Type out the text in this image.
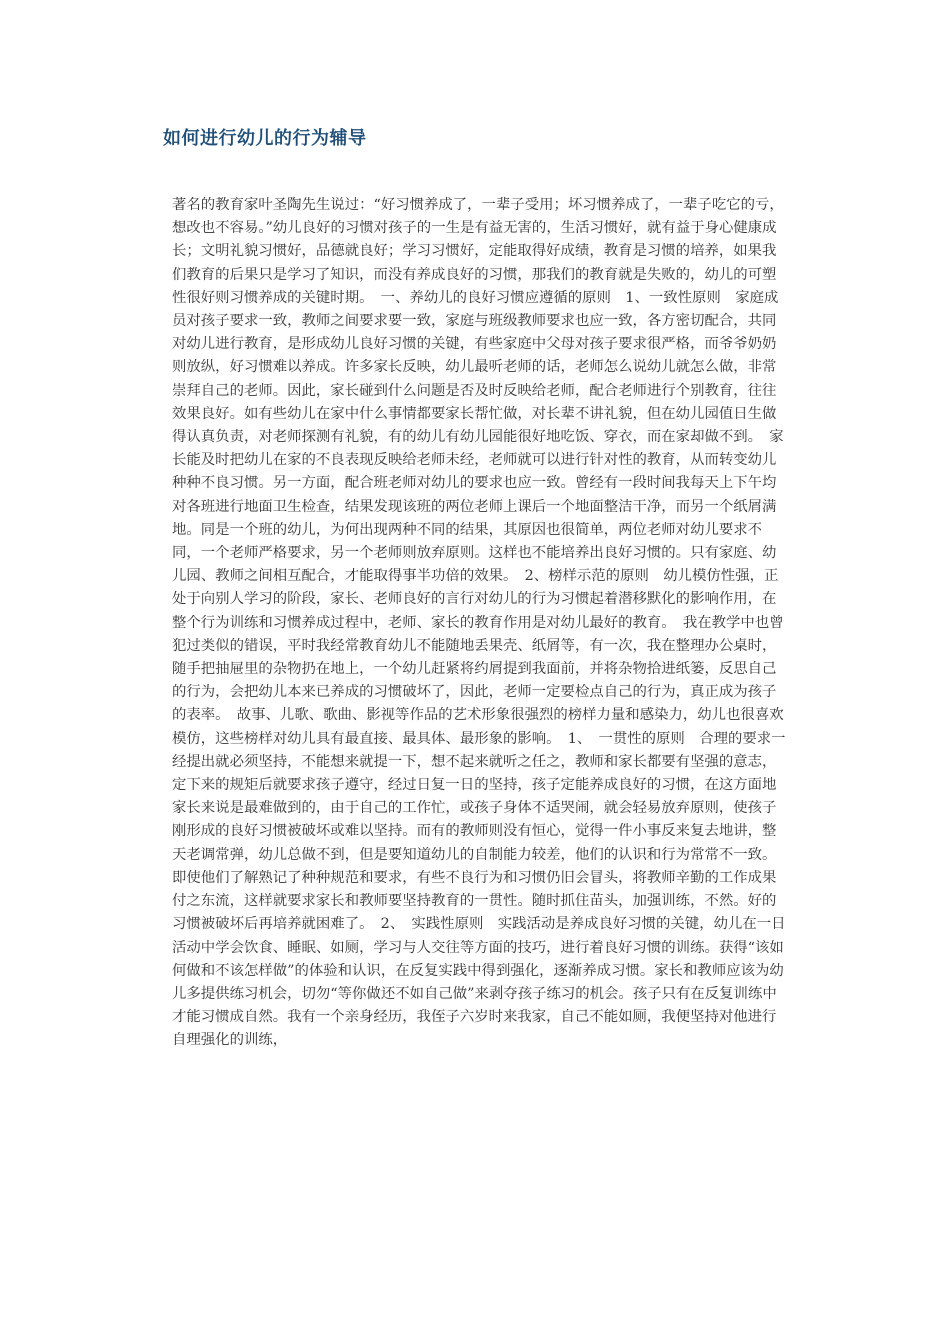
如何进行幼儿的行为辅导

著名的教育家叶圣陶先生说过：“好习惯养成了，一辈子受用；坏习惯养成了，一辈子吃它的亏，想改也不容易。”幼儿良好的习惯对孩子的一生是有益无害的，生活习惯好，就有益于身心健康成长；文明礼貌习惯好，品德就良好；学习习惯好，定能取得好成绩，教育是习惯的培养，如果我们教育的后果只是学习了知识，而没有养成良好的习惯，那我们的教育就是失败的，幼儿的可塑性很好则习惯养成的关键时期。　一、养幼儿的良好习惯应遵循的原则　1、一致性原则　家庭成员对孩子要求一致，教师之间要求要一致，家庭与班级教师要求也应一致，各方密切配合，共同对幼儿进行教育，是形成幼儿良好习惯的关键，有些家庭中父母对孩子要求很严格，而爷爷奶奶则放纵，好习惯难以养成。许多家长反映，幼儿最听老师的话，老师怎么说幼儿就怎么做，非常崇拜自己的老师。因此，家长碰到什么问题是否及时反映给老师，配合老师进行个别教育，往往效果良好。如有些幼儿在家中什么事情都要家长帮忙做，对长辈不讲礼貌，但在幼儿园值日生做得认真负责，对老师探测有礼貌，有的幼儿有幼儿园能很好地吃饭、穿衣，而在家却做不到。　家长能及时把幼儿在家的不良表现反映给老师未经，老师就可以进行针对性的教育，从而转变幼儿种种不良习惯。另一方面，配合班老师对幼儿的要求也应一致。曾经有一段时间我每天上下午均对各班进行地面卫生检查，结果发现该班的两位老师上课后一个地面整洁干净，而另一个纸屑满地。同是一个班的幼儿，为何出现两种不同的结果，其原因也很简单，两位老师对幼儿要求不同，一个老师严格要求，另一个老师则放弃原则。这样也不能培养出良好习惯的。只有家庭、幼儿园、教师之间相互配合，才能取得事半功倍的效果。　2、榜样示范的原则　幼儿模仿性强，正处于向别人学习的阶段，家长、老师良好的言行对幼儿的行为习惯起着潜移默化的影响作用，在整个行为训练和习惯养成过程中，老师、家长的教育作用是对幼儿最好的教育。　我在教学中也曾犯过类似的错误，平时我经常教育幼儿不能随地丢果壳、纸屑等，有一次，我在整理办公桌时，随手把抽屉里的杂物扔在地上，一个幼儿赶紧将约屑提到我面前，并将杂物拾进纸篓，反思自己的行为，会把幼儿本来已养成的习惯破坏了，因此，老师一定要检点自己的行为，真正成为孩子的表率。　故事、儿歌、歌曲、影视等作品的艺术形象很强烈的榜样力量和感染力，幼儿也很喜欢模仿，这些榜样对幼儿具有最直接、最具体、最形象的影响。　1、　一贯性的原则　合理的要求一经提出就必须坚持，不能想来就提一下，想不起来就听之任之，教师和家长都要有坚强的意志，定下来的规矩后就要求孩子遵守，经过日复一日的坚持，孩子定能养成良好的习惯，在这方面地家长来说是最难做到的，由于自己的工作忙，或孩子身体不适哭闹，就会轻易放弃原则，使孩子刚形成的良好习惯被破坏或难以坚持。而有的教师则没有恒心，觉得一件小事反来复去地讲，整天老调常弹，幼儿总做不到，但是要知道幼儿的自制能力较差，他们的认识和行为常常不一致。即使他们了解熟记了种种规范和要求，有些不良行为和习惯仍旧会冒头，将教师辛勤的工作成果付之东流，这样就要求家长和教师要坚持教育的一贯性。随时抓住苗头，加强训练，不然。好的习惯被破坏后再培养就困难了。　2、　实践性原则　实践活动是养成良好习惯的关键，幼儿在一日活动中学会饮食、睡眠、如厕，学习与人交往等方面的技巧，进行着良好习惯的训练。获得“该如何做和不该怎样做”的体验和认识，在反复实践中得到强化，逐渐养成习惯。家长和教师应该为幼儿多提供练习机会，切勿“等你做还不如自己做”来剥夺孩子练习的机会。孩子只有在反复训练中才能习惯成自然。我有一个亲身经历，我侄子六岁时来我家，自己不能如厕，我便坚持对他进行自理强化的训练，
